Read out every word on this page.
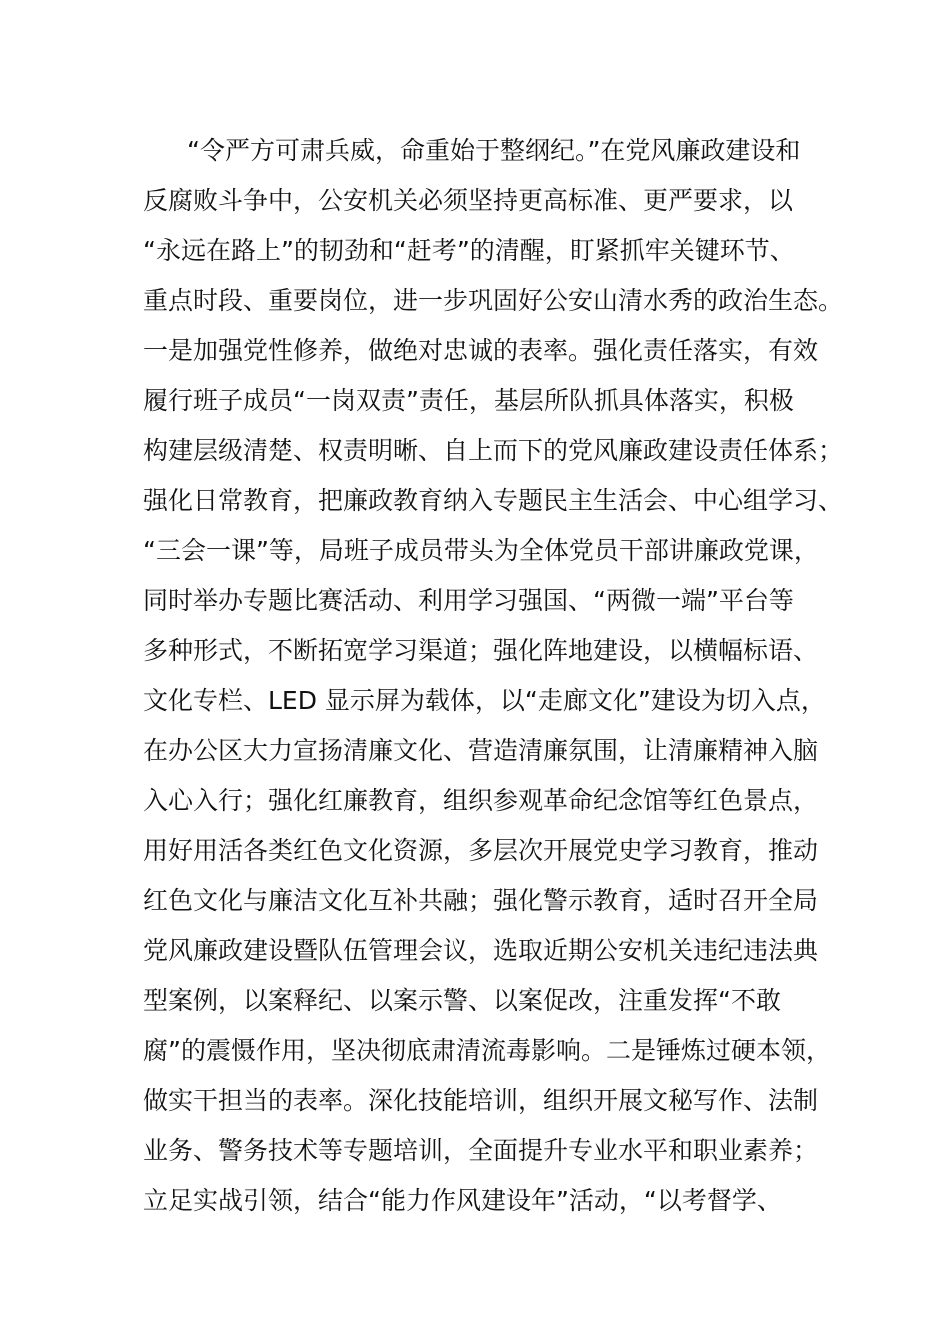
“令严方可肃兵威，命重始于整纲纪。”在党风廉政建设和
反腐败斗争中，公安机关必须坚持更高标准、更严要求，以
“永远在路上”的韧劲和“赶考”的清醒，盯紧抓牢关键环节、
重点时段、重要岗位，进一步巩固好公安山清水秀的政治生态。
一是加强党性修养，做绝对忠诚的表率。强化责任落实，有效
履行班子成员“一岗双责”责任，基层所队抓具体落实，积极
构建层级清楚、权责明晰、自上而下的党风廉政建设责任体系；
强化日常教育，把廉政教育纳入专题民主生活会、中心组学习、
“三会一课”等，局班子成员带头为全体党员干部讲廉政党课，
同时举办专题比赛活动、利用学习强国、“两微一端”平台等
多种形式，不断拓宽学习渠道；强化阵地建设，以横幅标语、
文化专栏、LED 显示屏为载体，以“走廊文化”建设为切入点，
在办公区大力宣扬清廉文化、营造清廉氛围，让清廉精神入脑
入心入行；强化红廉教育，组织参观革命纪念馆等红色景点，
用好用活各类红色文化资源，多层次开展党史学习教育，推动
红色文化与廉洁文化互补共融；强化警示教育，适时召开全局
党风廉政建设暨队伍管理会议，选取近期公安机关违纪违法典
型案例，以案释纪、以案示警、以案促改，注重发挥“不敢
腐”的震慑作用，坚决彻底肃清流毒影响。二是锤炼过硬本领，
做实干担当的表率。深化技能培训，组织开展文秘写作、法制
业务、警务技术等专题培训，全面提升专业水平和职业素养；
立足实战引领，结合“能力作风建设年”活动，“以考督学、
